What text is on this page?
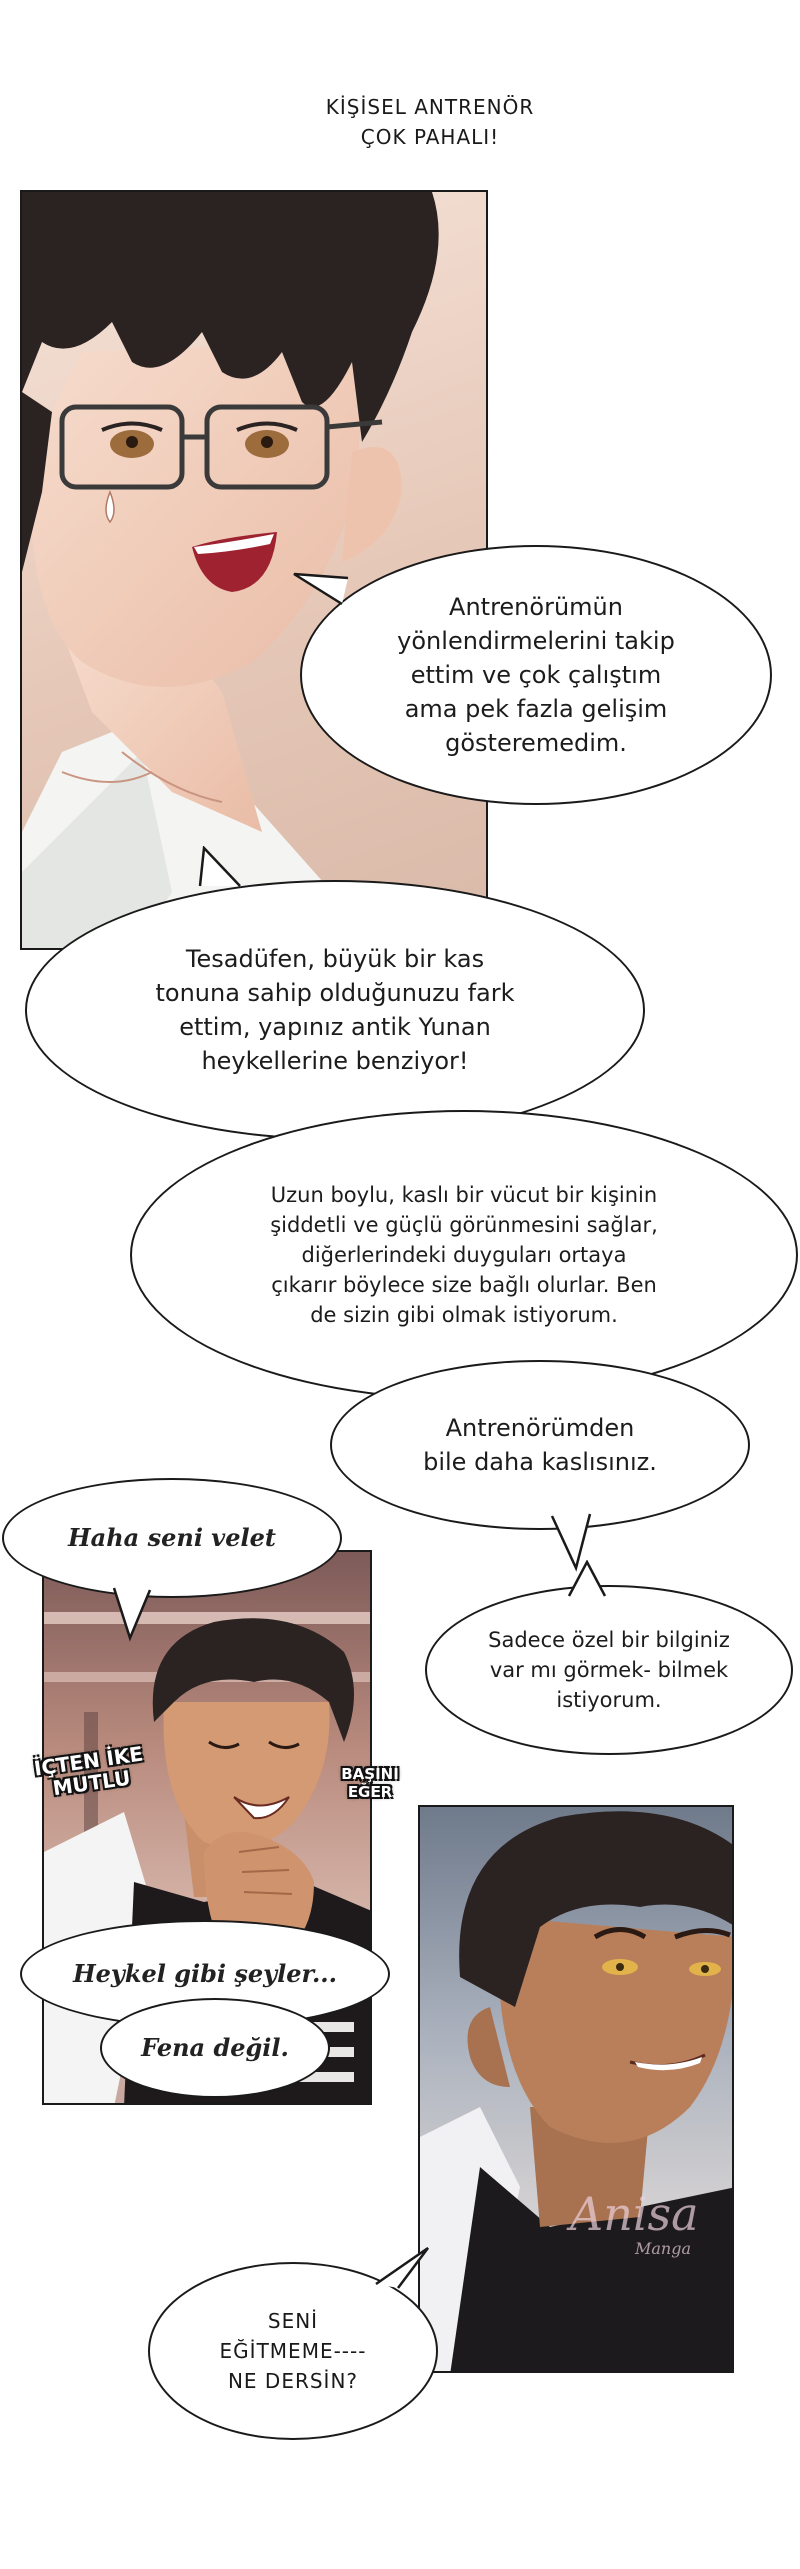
KİŞİSEL ANTRENÖR
ÇOK PAHALI!
Antrenörümün
yönlendirmelerini takip
ettim ve çok çalıştım
ama pek fazla gelişim
gösteremedim.
Tesadüfen, büyük bir kas
tonuna sahip olduğunuzu fark
ettim, yapınız antik Yunan
heykellerine benziyor!
Uzun boylu, kaslı bir vücut bir kişinin
şiddetli ve güçlü görünmesini sağlar,
diğerlerindeki duyguları ortaya
çıkarır böylece size bağlı olurlar. Ben
de sizin gibi olmak istiyorum.
Antrenörümden
bile daha kaslısınız.
Haha seni velet
İÇTEN İKE
MUTLU	BAŞINI
EĞER
Sadece özel bir bilginiz
var mı görmek- bilmek
istiyorum.
Heykel gibi şeyler...
Fena değil.
Anisa
Manga
SENİ
EĞİTMEME----
NE DERSİN?
